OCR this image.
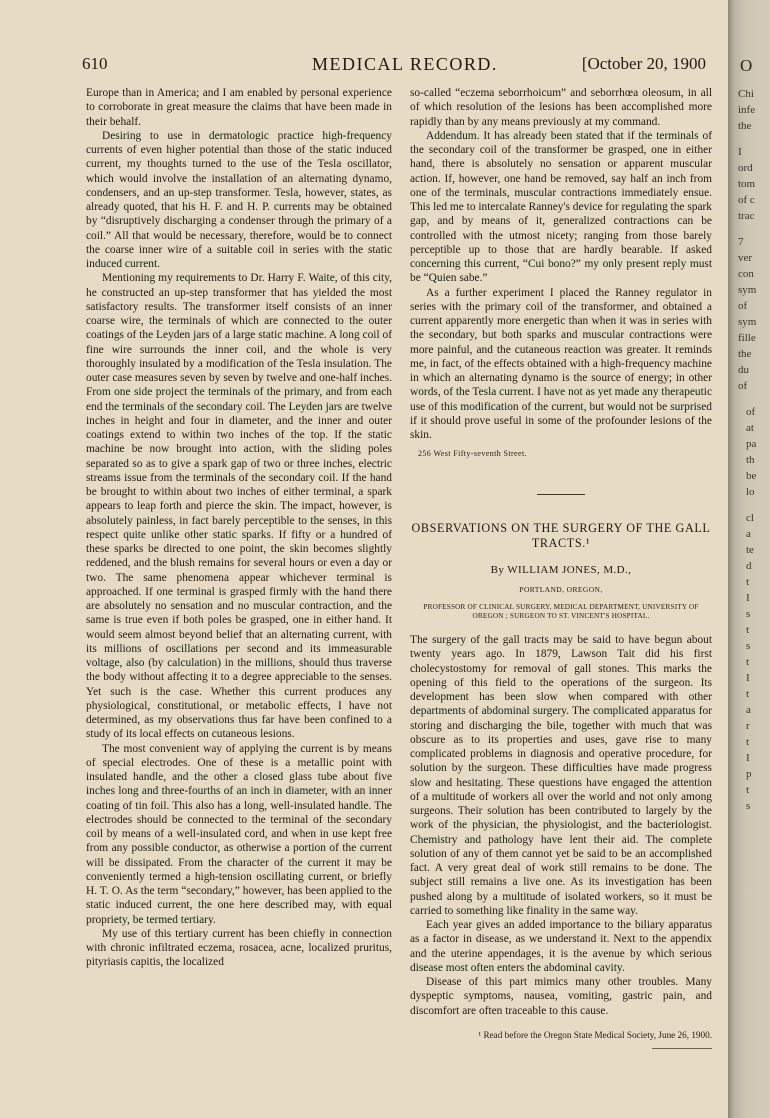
610	MEDICAL RECORD.	[October 20, 1900

Europe than in America; and I am enabled by personal experience to corroborate in great measure the claims that have been made in their behalf.

Desiring to use in dermatologic practice high-frequency currents of even higher potential than those of the static induced current, my thoughts turned to the use of the Tesla oscillator, which would involve the installation of an alternating dynamo, condensers, and an up-step transformer. Tesla, however, states, as already quoted, that his H. F. and H. P. currents may be obtained by “disruptively discharging a condenser through the primary of a coil.” All that would be necessary, therefore, would be to connect the coarse inner wire of a suitable coil in series with the static induced current.

Mentioning my requirements to Dr. Harry F. Waite, of this city, he constructed an up-step transformer that has yielded the most satisfactory results. The transformer itself consists of an inner coarse wire, the terminals of which are connected to the outer coatings of the Leyden jars of a large static machine. A long coil of fine wire surrounds the inner coil, and the whole is very thoroughly insulated by a modification of the Tesla insulation. The outer case measures seven by seven by twelve and one-half inches. From one side project the terminals of the primary, and from each end the terminals of the secondary coil. The Leyden jars are twelve inches in height and four in diameter, and the inner and outer coatings extend to within two inches of the top. If the static machine be now brought into action, with the sliding poles separated so as to give a spark gap of two or three inches, electric streams issue from the terminals of the secondary coil. If the hand be brought to within about two inches of either terminal, a spark appears to leap forth and pierce the skin. The impact, however, is absolutely painless, in fact barely perceptible to the senses, in this respect quite unlike other static sparks. If fifty or a hundred of these sparks be directed to one point, the skin becomes slightly reddened, and the blush remains for several hours or even a day or two. The same phenomena appear whichever terminal is approached. If one terminal is grasped firmly with the hand there are absolutely no sensation and no muscular contraction, and the same is true even if both poles be grasped, one in either hand. It would seem almost beyond belief that an alternating current, with its millions of oscillations per second and its immeasurable voltage, also (by calculation) in the millions, should thus traverse the body without affecting it to a degree appreciable to the senses. Yet such is the case. Whether this current produces any physiological, constitutional, or metabolic effects, I have not determined, as my observations thus far have been confined to a study of its local effects on cutaneous lesions.

The most convenient way of applying the current is by means of special electrodes. One of these is a metallic point with insulated handle, and the other a closed glass tube about five inches long and three-fourths of an inch in diameter, with an inner coating of tin foil. This also has a long, well-insulated handle. The electrodes should be connected to the terminal of the secondary coil by means of a well-insulated cord, and when in use kept free from any possible conductor, as otherwise a portion of the current will be dissipated. From the character of the current it may be conveniently termed a high-tension oscillating current, or briefly H. T. O. As the term “secondary,” however, has been applied to the static induced current, the one here described may, with equal propriety, be termed tertiary.

My use of this tertiary current has been chiefly in connection with chronic infiltrated eczema, rosacea, acne, localized pruritus, pityriasis capitis, the localized

so-called “eczema seborrhoicum” and seborrhœa oleosum, in all of which resolution of the lesions has been accomplished more rapidly than by any means previously at my command.

Addendum. It has already been stated that if the terminals of the secondary coil of the transformer be grasped, one in either hand, there is absolutely no sensation or apparent muscular action. If, however, one hand be removed, say half an inch from one of the terminals, muscular contractions immediately ensue. This led me to intercalate Ranney's device for regulating the spark gap, and by means of it, generalized contractions can be controlled with the utmost nicety; ranging from those barely perceptible up to those that are hardly bearable. If asked concerning this current, “Cui bono?” my only present reply must be “Quien sabe.”

As a further experiment I placed the Ranney regulator in series with the primary coil of the transformer, and obtained a current apparently more energetic than when it was in series with the secondary, but both sparks and muscular contractions were more painful, and the cutaneous reaction was greater. It reminds me, in fact, of the effects obtained with a high-frequency machine in which an alternating dynamo is the source of energy; in other words, of the Tesla current. I have not as yet made any therapeutic use of this modification of the current, but would not be surprised if it should prove useful in some of the profounder lesions of the skin.

256 West Fifty-seventh Street.
OBSERVATIONS ON THE SURGERY OF THE GALL TRACTS.¹
By WILLIAM JONES, M.D.,
PORTLAND, OREGON,
PROFESSOR OF CLINICAL SURGERY, MEDICAL DEPARTMENT, UNIVERSITY OF OREGON ; SURGEON TO ST. VINCENT'S HOSPITAL.

The surgery of the gall tracts may be said to have begun about twenty years ago. In 1879, Lawson Tait did his first cholecystostomy for removal of gall stones. This marks the opening of this field to the operations of the surgeon. Its development has been slow when compared with other departments of abdominal surgery. The complicated apparatus for storing and discharging the bile, together with much that was obscure as to its properties and uses, gave rise to many complicated problems in diagnosis and operative procedure, for solution by the surgeon. These difficulties have made progress slow and hesitating. These questions have engaged the attention of a multitude of workers all over the world and not only among surgeons. Their solution has been contributed to largely by the work of the physician, the physiologist, and the bacteriologist. Chemistry and pathology have lent their aid. The complete solution of any of them cannot yet be said to be an accomplished fact. A very great deal of work still remains to be done. The subject still remains a live one. As its investigation has been pushed along by a multitude of isolated workers, so it must be carried to something like finality in the same way.

Each year gives an added importance to the biliary apparatus as a factor in disease, as we understand it. Next to the appendix and the uterine appendages, it is the avenue by which serious disease most often enters the abdominal cavity.

Disease of this part mimics many other troubles. Many dyspeptic symptoms, nausea, vomiting, gastric pain, and discomfort are often traceable to this cause.

¹ Read before the Oregon State Medical Society, June 26, 1900.
O
Chi
infe
the
I
ord
tom
of c
trac
7
ver
con
sym
of
sym
fille
the
du
of
of
at
pa
th
be
lo
cl
a
te
d
t
I
s
t
s
t
I
t
a
r
t
I
p
t
s
